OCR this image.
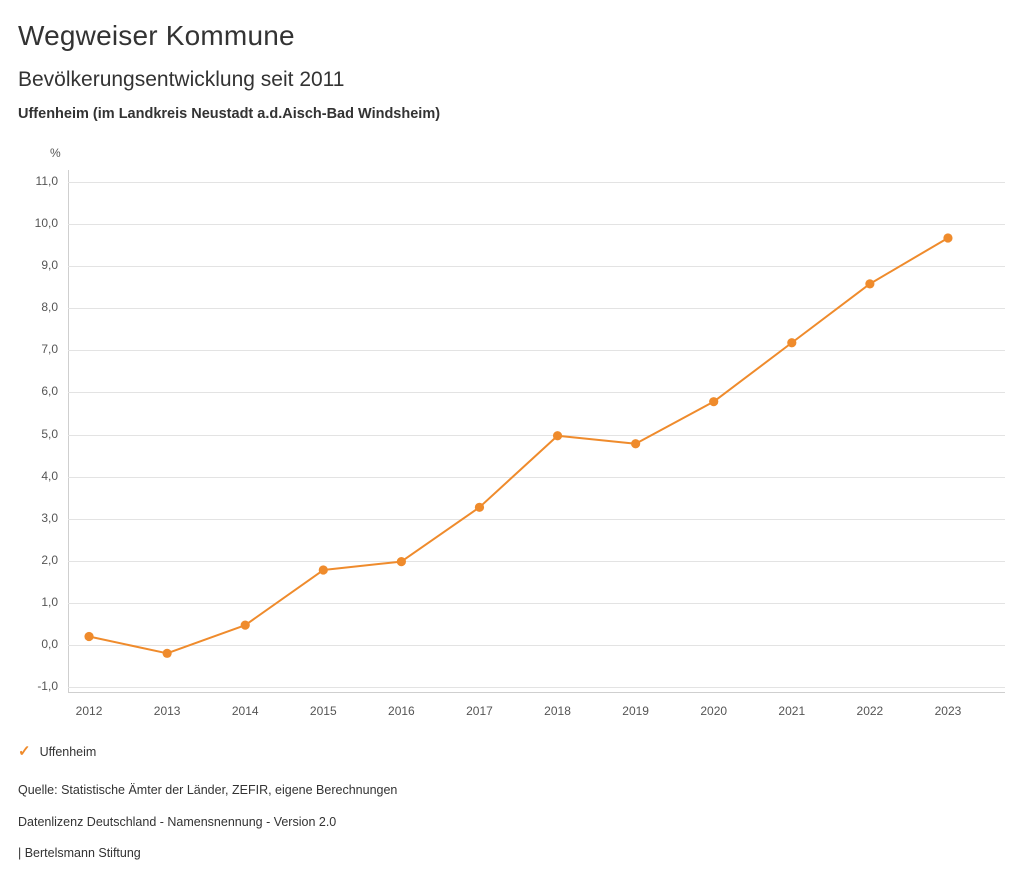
Wegweiser Kommune
Bevölkerungsentwicklung seit 2011
Uffenheim (im Landkreis Neustadt a.d.Aisch-Bad Windsheim)
%
11,0
10,0
9,0
8,0
7,0
6,0
5,0
4,0
3,0
2,0
1,0
0,0
-1,0
2012	2013	2014	2015	2016	2017	2018	2019	2020	2021	2022	2023
✓ Uffenheim
Quelle: Statistische Ämter der Länder, ZEFIR, eigene Berechnungen
Datenlizenz Deutschland - Namensnennung - Version 2.0
| Bertelsmann Stiftung
